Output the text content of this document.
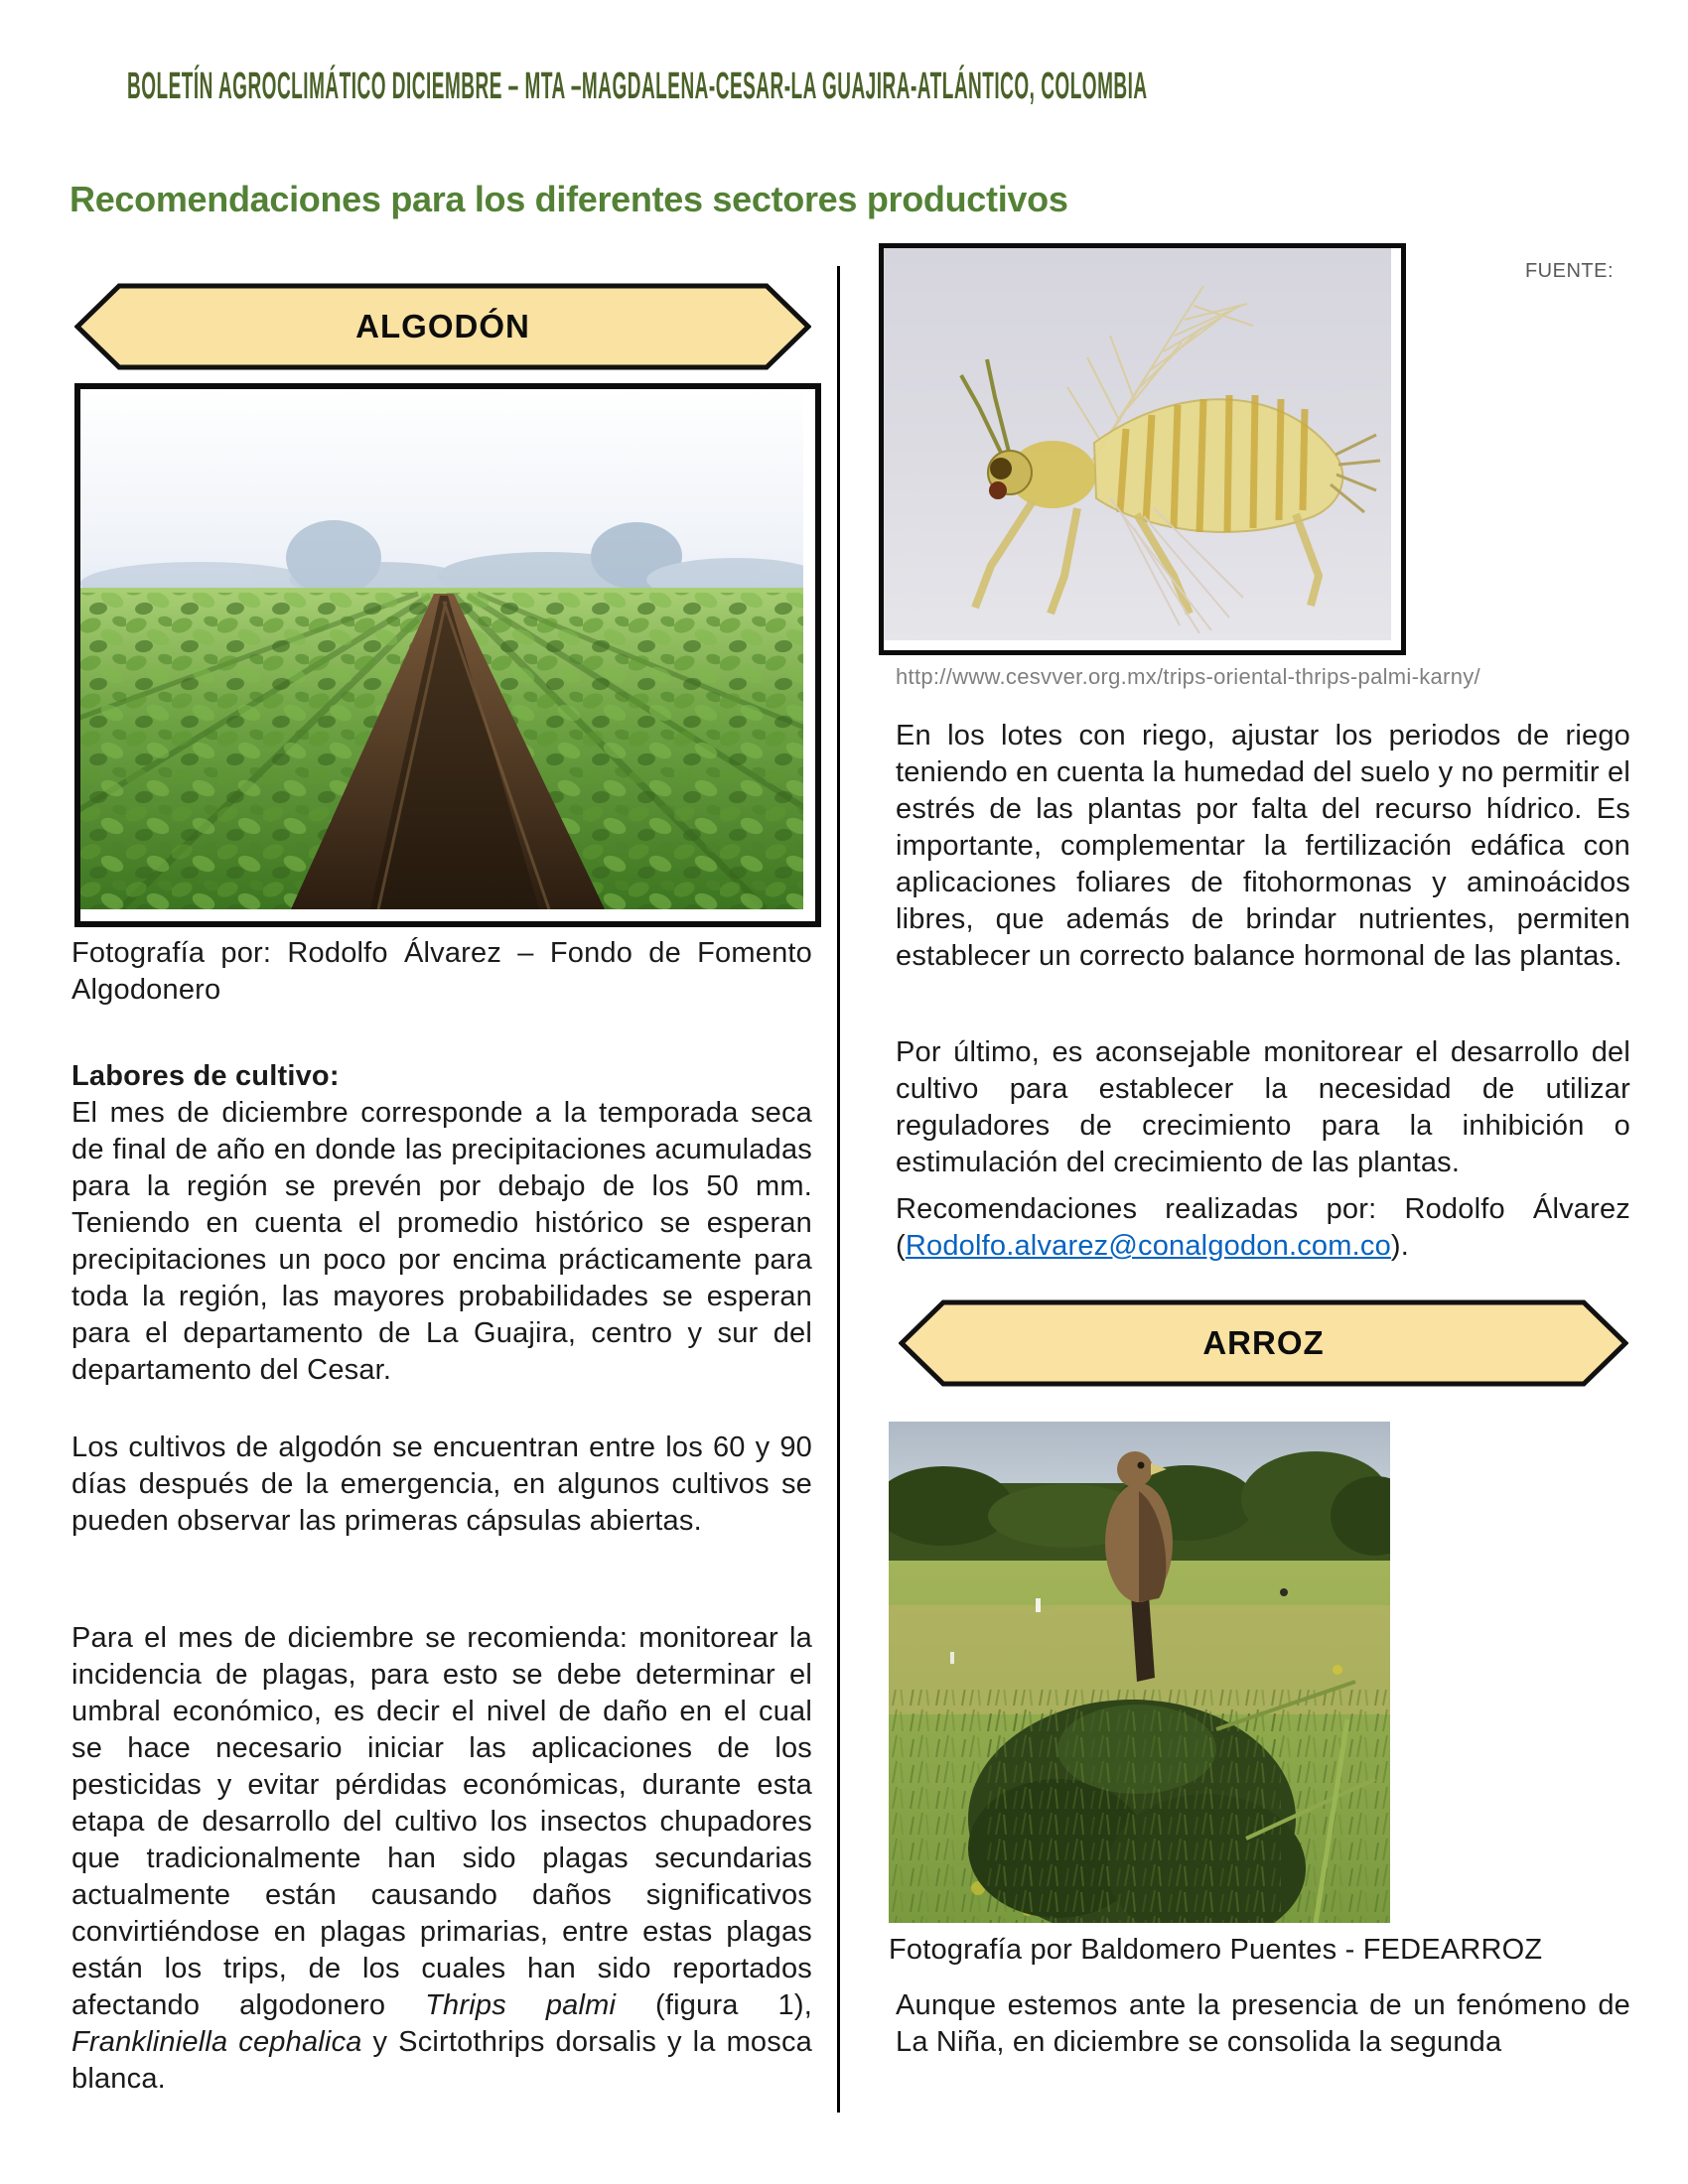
BOLETÍN AGROCLIMÁTICO DICIEMBRE – MTA –MAGDALENA-CESAR-LA GUAJIRA-ATLÁNTICO, COLOMBIA
Recomendaciones para los diferentes sectores productivos
ALGODÓN
Fotografía por: Rodolfo Álvarez – Fondo de Fomento Algodonero
Labores de cultivo:
El mes de diciembre corresponde a la temporada seca de final de año en donde las precipitaciones acumuladas para la región se prevén por debajo de los 50 mm. Teniendo en cuenta el promedio histórico se esperan precipitaciones un poco por encima prácticamente para toda la región, las mayores probabilidades se esperan para el departamento de La Guajira, centro y sur del departamento del Cesar.
Los cultivos de algodón se encuentran entre los 60 y 90 días después de la emergencia, en algunos cultivos se pueden observar las primeras cápsulas abiertas.
Para el mes de diciembre se recomienda: monitorear la incidencia de plagas, para esto se debe determinar el umbral económico, es decir el nivel de daño en el cual se hace necesario iniciar las aplicaciones de los pesticidas y evitar pérdidas económicas, durante esta etapa de desarrollo del cultivo los insectos chupadores que tradicionalmente han sido plagas secundarias actualmente están causando daños significativos convirtiéndose en plagas primarias, entre estas plagas están los trips, de los cuales han sido reportados afectando algodonero Thrips palmi (figura 1), Frankliniella cephalica y Scirtothrips dorsalis y la mosca blanca.
FUENTE:
http://www.cesvver.org.mx/trips-oriental-thrips-palmi-karny/
En los lotes con riego, ajustar los periodos de riego teniendo en cuenta la humedad del suelo y no permitir el estrés de las plantas por falta del recurso hídrico. Es importante, complementar la fertilización edáfica con aplicaciones foliares de fitohormonas y aminoácidos libres, que además de brindar nutrientes, permiten establecer un correcto balance hormonal de las plantas.
Por último, es aconsejable monitorear el desarrollo del cultivo para establecer la necesidad de utilizar reguladores de crecimiento para la inhibición o estimulación del crecimiento de las plantas.
Recomendaciones realizadas por: Rodolfo Álvarez (Rodolfo.alvarez@conalgodon.com.co).
ARROZ
Fotografía por Baldomero Puentes - FEDEARROZ
Aunque estemos ante la presencia de un fenómeno de La Niña, en diciembre se consolida la segunda
